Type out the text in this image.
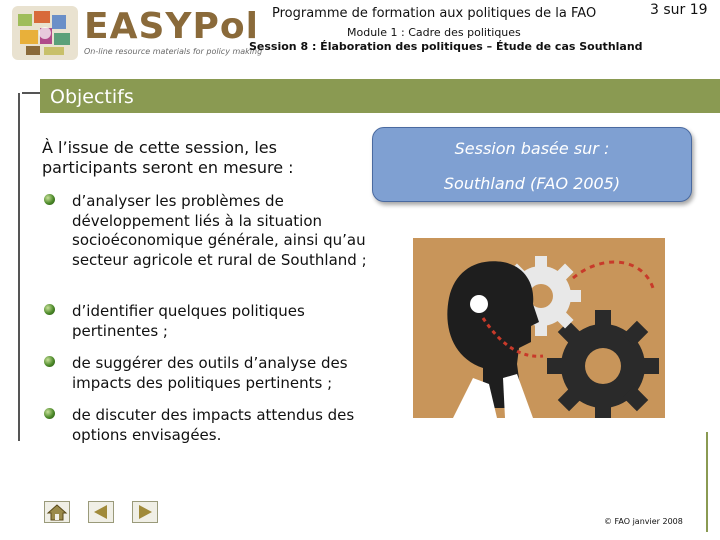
EASYPol
On-line resource materials for policy making
Programme de formation aux politiques de la FAO	3 sur 19
Module 1 : Cadre des politiques
Session 8 : Élaboration des politiques – Étude de cas Southland
Objectifs
À l’issue de cette session, les participants seront en mesure :
d’analyser les problèmes de développement liés à la situation socioéconomique générale, ainsi qu’au secteur agricole et rural de Southland ;
d’identifier quelques politiques pertinentes ;
de suggérer des outils d’analyse des impacts des politiques pertinents ;
de discuter des impacts attendus des options envisagées.
Session basée sur :
Southland (FAO 2005)
© FAO janvier 2008
